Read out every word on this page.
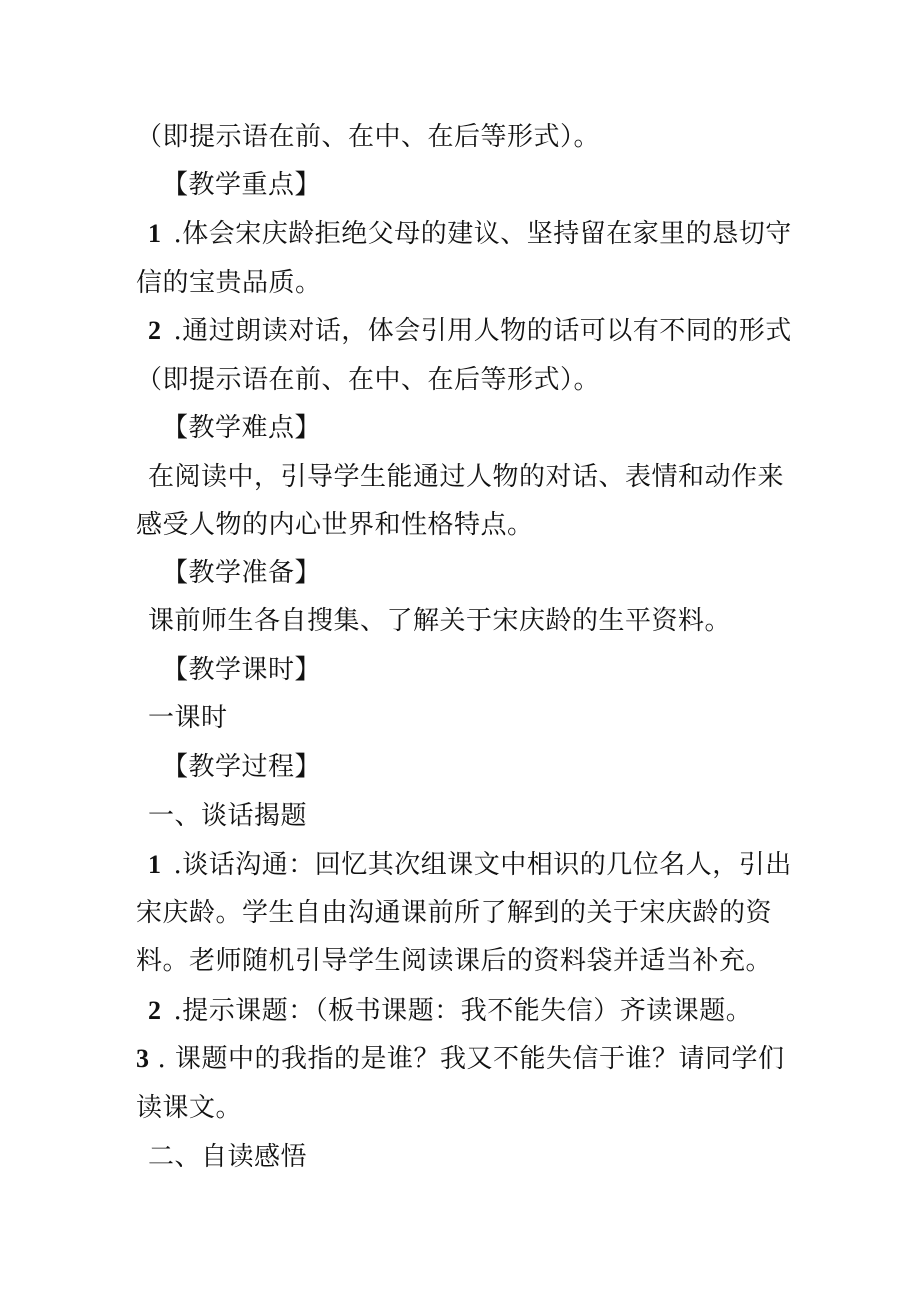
（即提示语在前、在中、在后等形式）。
【教学重点】
1 .体会宋庆龄拒绝父母的建议、坚持留在家里的恳切守
信的宝贵品质。
2 .通过朗读对话，体会引用人物的话可以有不同的形式
（即提示语在前、在中、在后等形式）。
【教学难点】
在阅读中，引导学生能通过人物的对话、表情和动作来
感受人物的内心世界和性格特点。
【教学准备】
课前师生各自搜集、了解关于宋庆龄的生平资料。
【教学课时】
一课时
【教学过程】
一、谈话揭题
1 .谈话沟通：回忆其次组课文中相识的几位名人，引出
宋庆龄。学生自由沟通课前所了解到的关于宋庆龄的资
料。老师随机引导学生阅读课后的资料袋并适当补充。
2 .提示课题：（板书课题：我不能失信）齐读课题。
3 . 课题中的我指的是谁？我又不能失信于谁？请同学们
读课文。
二、自读感悟
